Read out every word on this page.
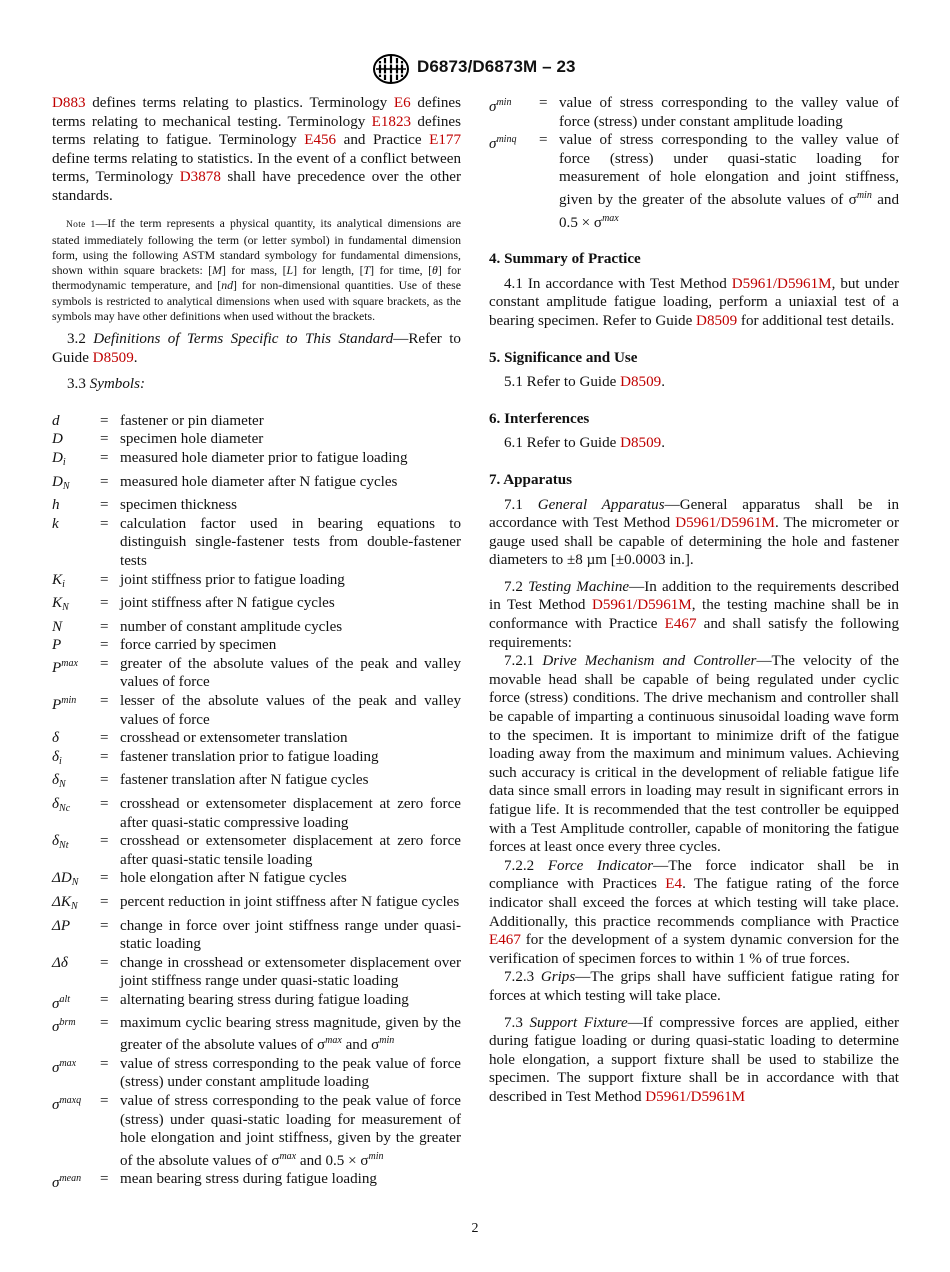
D6873/D6873M – 23

D883 defines terms relating to plastics. Terminology E6 defines terms relating to mechanical testing. Terminology E1823 defines terms relating to fatigue. Terminology E456 and Practice E177 define terms relating to statistics. In the event of a conflict between terms, Terminology D3878 shall have precedence over the other standards.

Note 1—If the term represents a physical quantity, its analytical dimensions are stated immediately following the term (or letter symbol) in fundamental dimension form, using the following ASTM standard symbology for fundamental dimensions, shown within square brackets: [M] for mass, [L] for length, [T] for time, [θ] for thermodynamic temperature, and [nd] for non-dimensional quantities. Use of these symbols is restricted to analytical dimensions when used with square brackets, as the symbols may have other definitions when used without the brackets.

3.2 Definitions of Terms Specific to This Standard—Refer to Guide D8509.

3.3 Symbols:

d	= fastener or pin diameter
D	= specimen hole diameter
$D_i$	= measured hole diameter prior to fatigue loading
$D_N$	= measured hole diameter after N fatigue cycles
h	= specimen thickness
k	= calculation factor used in bearing equations to distinguish single-fastener tests from double-fastener tests
$K_i$	= joint stiffness prior to fatigue loading
$K_N$	= joint stiffness after N fatigue cycles
N	= number of constant amplitude cycles
P	= force carried by specimen
$P^{max}$	= greater of the absolute values of the peak and valley values of force
$P^{min}$	= lesser of the absolute values of the peak and valley values of force
δ	= crosshead or extensometer translation
$\delta_i$	= fastener translation prior to fatigue loading
$\delta_N$	= fastener translation after N fatigue cycles
$\delta_{Nc}$	= crosshead or extensometer displacement at zero force after quasi-static compressive loading
$\delta_{Nt}$	= crosshead or extensometer displacement at zero force after quasi-static tensile loading
$\Delta D_N$	= hole elongation after N fatigue cycles
$\Delta K_N$	= percent reduction in joint stiffness after N fatigue cycles
ΔP	= change in force over joint stiffness range under quasi-static loading
Δδ	= change in crosshead or extensometer displacement over joint stiffness range under quasi-static loading
$\sigma^{alt}$	= alternating bearing stress during fatigue loading
$\sigma^{brm}$	= maximum cyclic bearing stress magnitude, given by the greater of the absolute values of $\sigma^{max}$ and $\sigma^{min}$
$\sigma^{max}$	= value of stress corresponding to the peak value of force (stress) under constant amplitude loading
$\sigma^{maxq}$	= value of stress corresponding to the peak value of force (stress) under quasi-static loading for measurement of hole elongation and joint stiffness, given by the greater of the absolute values of $\sigma^{max}$ and $0.5 \times \sigma^{min}$
$\sigma^{mean}$	= mean bearing stress during fatigue loading
$\sigma^{min}$	= value of stress corresponding to the valley value of force (stress) under constant amplitude loading
$\sigma^{minq}$	= value of stress corresponding to the valley value of force (stress) under quasi-static loading for measurement of hole elongation and joint stiffness, given by the greater of the absolute values of $\sigma^{min}$ and $0.5 \times \sigma^{max}$
4. Summary of Practice

4.1 In accordance with Test Method D5961/D5961M, but under constant amplitude fatigue loading, perform a uniaxial test of a bearing specimen. Refer to Guide D8509 for additional test details.

5. Significance and Use

5.1 Refer to Guide D8509.

6. Interferences

6.1 Refer to Guide D8509.

7. Apparatus

7.1 General Apparatus—General apparatus shall be in accordance with Test Method D5961/D5961M. The micrometer or gauge used shall be capable of determining the hole and fastener diameters to ±8 µm [±0.0003 in.].

7.2 Testing Machine—In addition to the requirements described in Test Method D5961/D5961M, the testing machine shall be in conformance with Practice E467 and shall satisfy the following requirements:

7.2.1 Drive Mechanism and Controller—The velocity of the movable head shall be capable of being regulated under cyclic force (stress) conditions. The drive mechanism and controller shall be capable of imparting a continuous sinusoidal loading wave form to the specimen. It is important to minimize drift of the fatigue loading away from the maximum and minimum values. Achieving such accuracy is critical in the development of reliable fatigue life data since small errors in loading may result in significant errors in fatigue life. It is recommended that the test controller be equipped with a Test Amplitude controller, capable of monitoring the fatigue forces at least once every three cycles.

7.2.2 Force Indicator—The force indicator shall be in compliance with Practices E4. The fatigue rating of the force indicator shall exceed the forces at which testing will take place. Additionally, this practice recommends compliance with Practice E467 for the development of a system dynamic conversion for the verification of specimen forces to within 1 % of true forces.

7.2.3 Grips—The grips shall have sufficient fatigue rating for forces at which testing will take place.

7.3 Support Fixture—If compressive forces are applied, either during fatigue loading or during quasi-static loading to determine hole elongation, a support fixture shall be used to stabilize the specimen. The support fixture shall be in accordance with that described in Test Method D5961/D5961M

2
